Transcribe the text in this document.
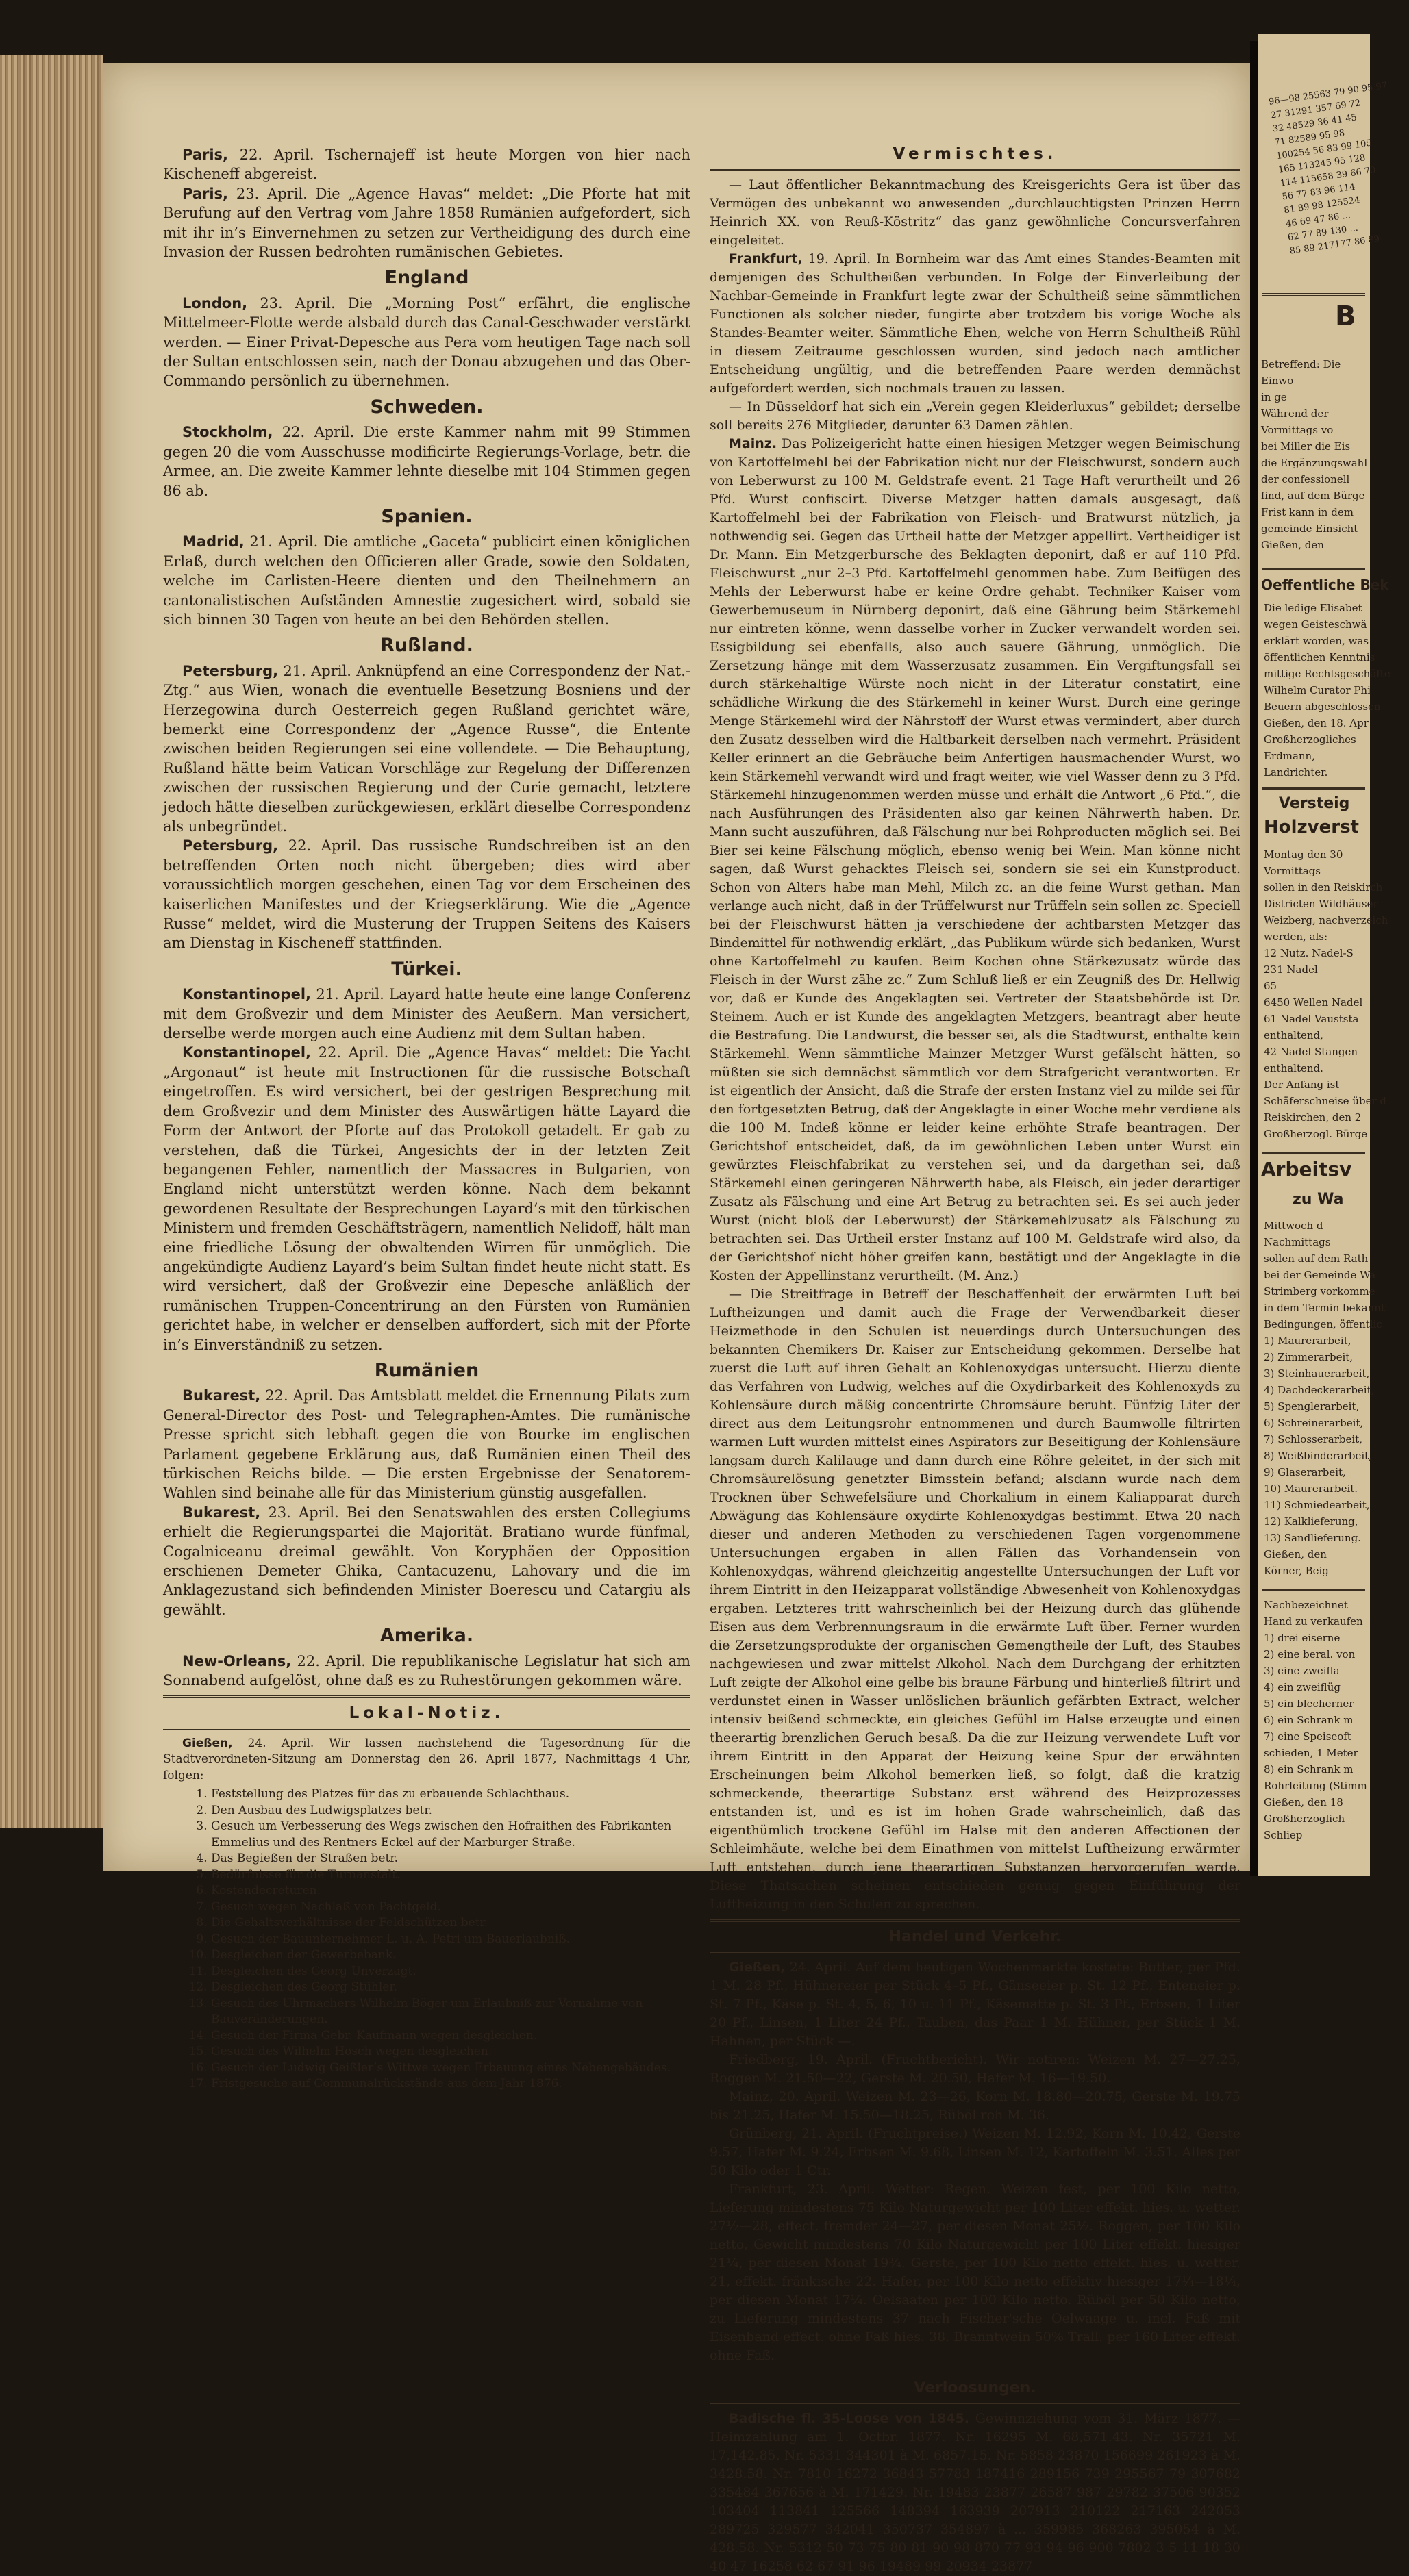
Paris, 22. April. Tschernajeff ist heute Morgen von hier nach Kischeneff abgereist.

Paris, 23. April. Die „Agence Havas“ meldet: „Die Pforte hat mit Berufung auf den Vertrag vom Jahre 1858 Rumänien aufgefordert, sich mit ihr in’s Einvernehmen zu setzen zur Vertheidigung des durch eine Invasion der Russen bedrohten rumänischen Gebietes.

England

London, 23. April. Die „Morning Post“ erfährt, die englische Mittelmeer-Flotte werde alsbald durch das Canal-Geschwader verstärkt werden. — Einer Privat-Depesche aus Pera vom heutigen Tage nach soll der Sultan entschlossen sein, nach der Donau abzugehen und das Ober-Commando persönlich zu übernehmen.

Schweden.

Stockholm, 22. April. Die erste Kammer nahm mit 99 Stimmen gegen 20 die vom Ausschusse modificirte Regierungs-Vorlage, betr. die Armee, an. Die zweite Kammer lehnte dieselbe mit 104 Stimmen gegen 86 ab.

Spanien.

Madrid, 21. April. Die amtliche „Gaceta“ publicirt einen königlichen Erlaß, durch welchen den Officieren aller Grade, sowie den Soldaten, welche im Carlisten-Heere dienten und den Theilnehmern an cantonalistischen Aufständen Amnestie zugesichert wird, sobald sie sich binnen 30 Tagen von heute an bei den Behörden stellen.

Rußland.

Petersburg, 21. April. Anknüpfend an eine Correspondenz der Nat.-Ztg.“ aus Wien, wonach die eventuelle Besetzung Bosniens und der Herzegowina durch Oesterreich gegen Rußland gerichtet wäre, bemerkt eine Correspondenz der „Agence Russe“, die Entente zwischen beiden Regierungen sei eine vollendete. — Die Behauptung, Rußland hätte beim Vatican Vorschläge zur Regelung der Differenzen zwischen der russischen Regierung und der Curie gemacht, letztere jedoch hätte dieselben zurückgewiesen, erklärt dieselbe Correspondenz als unbegründet.

Petersburg, 22. April. Das russische Rundschreiben ist an den betreffenden Orten noch nicht übergeben; dies wird aber voraussichtlich morgen geschehen, einen Tag vor dem Erscheinen des kaiserlichen Manifestes und der Kriegserklärung. Wie die „Agence Russe“ meldet, wird die Musterung der Truppen Seitens des Kaisers am Dienstag in Kischeneff stattfinden.

Türkei.

Konstantinopel, 21. April. Layard hatte heute eine lange Conferenz mit dem Großvezir und dem Minister des Aeußern. Man versichert, derselbe werde morgen auch eine Audienz mit dem Sultan haben.

Konstantinopel, 22. April. Die „Agence Havas“ meldet: Die Yacht „Argonaut“ ist heute mit Instructionen für die russische Botschaft eingetroffen. Es wird versichert, bei der gestrigen Besprechung mit dem Großvezir und dem Minister des Auswärtigen hätte Layard die Form der Antwort der Pforte auf das Protokoll getadelt. Er gab zu verstehen, daß die Türkei, Angesichts der in der letzten Zeit begangenen Fehler, namentlich der Massacres in Bulgarien, von England nicht unterstützt werden könne. Nach dem bekannt gewordenen Resultate der Besprechungen Layard’s mit den türkischen Ministern und fremden Geschäftsträgern, namentlich Nelidoff, hält man eine friedliche Lösung der obwaltenden Wirren für unmöglich. Die angekündigte Audienz Layard’s beim Sultan findet heute nicht statt. Es wird versichert, daß der Großvezir eine Depesche anläßlich der rumänischen Truppen-Concentrirung an den Fürsten von Rumänien gerichtet habe, in welcher er denselben auffordert, sich mit der Pforte in’s Einverständniß zu setzen.

Rumänien

Bukarest, 22. April. Das Amtsblatt meldet die Ernennung Pilats zum General-Director des Post- und Telegraphen-Amtes. Die rumänische Presse spricht sich lebhaft gegen die von Bourke im englischen Parlament gegebene Erklärung aus, daß Rumänien einen Theil des türkischen Reichs bilde. — Die ersten Ergebnisse der Senatorem-Wahlen sind beinahe alle für das Ministerium günstig ausgefallen.

Bukarest, 23. April. Bei den Senatswahlen des ersten Collegiums erhielt die Regierungspartei die Majorität. Bratiano wurde fünfmal, Cogalniceanu dreimal gewählt. Von Koryphäen der Opposition erschienen Demeter Ghika, Cantacuzenu, Lahovary und die im Anklagezustand sich befindenden Minister Boerescu und Catargiu als gewählt.

Amerika.

New-Orleans, 22. April. Die republikanische Legislatur hat sich am Sonnabend aufgelöst, ohne daß es zu Ruhestörungen gekommen wäre.

Lokal-Notiz.

Gießen, 24. April. Wir lassen nachstehend die Tagesordnung für die Stadtverordneten-Sitzung am Donnerstag den 26. April 1877, Nachmittags 4 Uhr, folgen:

1. Feststellung des Platzes für das zu erbauende Schlachthaus.
2. Den Ausbau des Ludwigsplatzes betr.
3. Gesuch um Verbesserung des Wegs zwischen den Hofraithen des Fabrikanten Emmelius und des Rentners Eckel auf der Marburger Straße.
4. Das Begießen der Straßen betr.
5. Bedürfnisse für die Turnanstalt.
6. Kostendecreturen.
7. Gesuch wegen Nachlaß von Pachtgeld.
8. Die Gehaltsverhältnisse der Feldschützen betr.
9. Gesuch der Bauunternehmer L. u. A. Petri um Bauerlaubniß.
10. Desgleichen der Gewerbebank.
11. Desgleichen des Georg Unverzagt.
12. Desgleichen des Georg Stühler.
13. Gesuch des Uhrmachers Wilhelm Böger um Erlaubniß zur Vornahme von Bauveränderungen.
14. Gesuch der Firma Gebr. Kaufmann wegen desgleichen.
15. Gesuch des Wilhelm Hosch wegen desgleichen.
16. Gesuch der Ludwig Geißler’s Wittwe wegen Erbauung eines Nebengebäudes.
17. Fristgesuche auf Communalrückstände aus dem Jahr 1876.
Vermischtes.

— Laut öffentlicher Bekanntmachung des Kreisgerichts Gera ist über das Vermögen des unbekannt wo anwesenden „durchlauchtigsten Prinzen Herrn Heinrich XX. von Reuß-Köstritz“ das ganz gewöhnliche Concursverfahren eingeleitet.

Frankfurt, 19. April. In Bornheim war das Amt eines Standes-Beamten mit demjenigen des Schultheißen verbunden. In Folge der Einverleibung der Nachbar-Gemeinde in Frankfurt legte zwar der Schultheiß seine sämmtlichen Functionen als solcher nieder, fungirte aber trotzdem bis vorige Woche als Standes-Beamter weiter. Sämmtliche Ehen, welche von Herrn Schultheiß Rühl in diesem Zeitraume geschlossen wurden, sind jedoch nach amtlicher Entscheidung ungültig, und die betreffenden Paare werden demnächst aufgefordert werden, sich nochmals trauen zu lassen.

— In Düsseldorf hat sich ein „Verein gegen Kleiderluxus“ gebildet; derselbe soll bereits 276 Mitglieder, darunter 63 Damen zählen.

Mainz. Das Polizeigericht hatte einen hiesigen Metzger wegen Beimischung von Kartoffelmehl bei der Fabrikation nicht nur der Fleischwurst, sondern auch von Leberwurst zu 100 M. Geldstrafe event. 21 Tage Haft verurtheilt und 26 Pfd. Wurst confiscirt. Diverse Metzger hatten damals ausgesagt, daß Kartoffelmehl bei der Fabrikation von Fleisch- und Bratwurst nützlich, ja nothwendig sei. Gegen das Urtheil hatte der Metzger appellirt. Vertheidiger ist Dr. Mann. Ein Metzgerbursche des Beklagten deponirt, daß er auf 110 Pfd. Fleischwurst „nur 2–3 Pfd. Kartoffelmehl genommen habe. Zum Beifügen des Mehls der Leberwurst habe er keine Ordre gehabt. Techniker Kaiser vom Gewerbemuseum in Nürnberg deponirt, daß eine Gährung beim Stärkemehl nur eintreten könne, wenn dasselbe vorher in Zucker verwandelt worden sei. Essigbildung sei ebenfalls, also auch sauere Gährung, unmöglich. Die Zersetzung hänge mit dem Wasserzusatz zusammen. Ein Vergiftungsfall sei durch stärkehaltige Würste noch nicht in der Literatur constatirt, eine schädliche Wirkung die des Stärkemehl in keiner Wurst. Durch eine geringe Menge Stärkemehl wird der Nährstoff der Wurst etwas vermindert, aber durch den Zusatz desselben wird die Haltbarkeit derselben nach vermehrt. Präsident Keller erinnert an die Gebräuche beim Anfertigen hausmachender Wurst, wo kein Stärkemehl verwandt wird und fragt weiter, wie viel Wasser denn zu 3 Pfd. Stärkemehl hinzugenommen werden müsse und erhält die Antwort „6 Pfd.“, die nach Ausführungen des Präsidenten also gar keinen Nährwerth haben. Dr. Mann sucht auszuführen, daß Fälschung nur bei Rohproducten möglich sei. Bei Bier sei keine Fälschung möglich, ebenso wenig bei Wein. Man könne nicht sagen, daß Wurst gehacktes Fleisch sei, sondern sie sei ein Kunstproduct. Schon von Alters habe man Mehl, Milch zc. an die feine Wurst gethan. Man verlange auch nicht, daß in der Trüffelwurst nur Trüffeln sein sollen zc. Speciell bei der Fleischwurst hätten ja verschiedene der achtbarsten Metzger das Bindemittel für nothwendig erklärt, „das Publikum würde sich bedanken, Wurst ohne Kartoffelmehl zu kaufen. Beim Kochen ohne Stärkezusatz würde das Fleisch in der Wurst zähe zc.“ Zum Schluß ließ er ein Zeugniß des Dr. Hellwig vor, daß er Kunde des Angeklagten sei. Vertreter der Staatsbehörde ist Dr. Steinem. Auch er ist Kunde des angeklagten Metzgers, beantragt aber heute die Bestrafung. Die Landwurst, die besser sei, als die Stadtwurst, enthalte kein Stärkemehl. Wenn sämmtliche Mainzer Metzger Wurst gefälscht hätten, so müßten sie sich demnächst sämmtlich vor dem Strafgericht verantworten. Er ist eigentlich der Ansicht, daß die Strafe der ersten Instanz viel zu milde sei für den fortgesetzten Betrug, daß der Angeklagte in einer Woche mehr verdiene als die 100 M. Indeß könne er leider keine erhöhte Strafe beantragen. Der Gerichtshof entscheidet, daß, da im gewöhnlichen Leben unter Wurst ein gewürztes Fleischfabrikat zu verstehen sei, und da dargethan sei, daß Stärkemehl einen geringeren Nährwerth habe, als Fleisch, ein jeder derartiger Zusatz als Fälschung und eine Art Betrug zu betrachten sei. Es sei auch jeder Wurst (nicht bloß der Leberwurst) der Stärkemehlzusatz als Fälschung zu betrachten sei. Das Urtheil erster Instanz auf 100 M. Geldstrafe wird also, da der Gerichtshof nicht höher greifen kann, bestätigt und der Angeklagte in die Kosten der Appellinstanz verurtheilt. (M. Anz.)

— Die Streitfrage in Betreff der Beschaffenheit der erwärmten Luft bei Luftheizungen und damit auch die Frage der Verwendbarkeit dieser Heizmethode in den Schulen ist neuerdings durch Untersuchungen des bekannten Chemikers Dr. Kaiser zur Entscheidung gekommen. Derselbe hat zuerst die Luft auf ihren Gehalt an Kohlenoxydgas untersucht. Hierzu diente das Verfahren von Ludwig, welches auf die Oxydirbarkeit des Kohlenoxyds zu Kohlensäure durch mäßig concentrirte Chromsäure beruht. Fünfzig Liter der direct aus dem Leitungsrohr entnommenen und durch Baumwolle filtrirten warmen Luft wurden mittelst eines Aspirators zur Beseitigung der Kohlensäure langsam durch Kalilauge und dann durch eine Röhre geleitet, in der sich mit Chromsäurelösung genetzter Bimsstein befand; alsdann wurde nach dem Trocknen über Schwefelsäure und Chorkalium in einem Kaliapparat durch Abwägung das Kohlensäure oxydirte Kohlenoxydgas bestimmt. Etwa 20 nach dieser und anderen Methoden zu verschiedenen Tagen vorgenommene Untersuchungen ergaben in allen Fällen das Vorhandensein von Kohlenoxydgas, während gleichzeitig angestellte Untersuchungen der Luft vor ihrem Eintritt in den Heizapparat vollständige Abwesenheit von Kohlenoxydgas ergaben. Letzteres tritt wahrscheinlich bei der Heizung durch das glühende Eisen aus dem Verbrennungsraum in die erwärmte Luft über. Ferner wurden die Zersetzungsprodukte der organischen Gemengtheile der Luft, des Staubes nachgewiesen und zwar mittelst Alkohol. Nach dem Durchgang der erhitzten Luft zeigte der Alkohol eine gelbe bis braune Färbung und hinterließ filtrirt und verdunstet einen in Wasser unlöslichen bräunlich gefärbten Extract, welcher intensiv beißend schmeckte, ein gleiches Gefühl im Halse erzeugte und einen theerartig brenzlichen Geruch besaß. Da die zur Heizung verwendete Luft vor ihrem Eintritt in den Apparat der Heizung keine Spur der erwähnten Erscheinungen beim Alkohol bemerken ließ, so folgt, daß die kratzig schmeckende, theerartige Substanz erst während des Heizprozesses entstanden ist, und es ist im hohen Grade wahrscheinlich, daß das eigenthümlich trockene Gefühl im Halse mit den anderen Affectionen der Schleimhäute, welche bei dem Einathmen von mittelst Luftheizung erwärmter Luft entstehen, durch jene theerartigen Substanzen hervorgerufen werde. Diese Thatsachen scheinen entschieden genug gegen Einführung der Luftheizung in den Schulen zu sprechen.

Handel und Verkehr.

Gießen, 24. April. Auf dem heutigen Wochenmarkte kostete: Butter, per Pfd. 1 M. 28 Pf., Hühnereier per Stück 4–5 Pf., Gänseeier p. St. 12 Pf., Enteneier p. St. 7 Pf., Käse p. St. 4, 5, 6, 10 u. 11 Pf., Käsematte p. St. 3 Pf., Erbsen, 1 Liter 20 Pf., Linsen, 1 Liter 24 Pf., Tauben, das Paar 1 M. Hühner, per Stück 1 M. Hahnen, per Stück —.

Friedberg, 19. April. (Fruchtbericht). Wir notiren: Weizen M. 27—27.25, Roggen M. 21.50—22, Gerste M. 20.50, Hafer M. 16—19.50.

Mainz, 20. April. Weizen M. 23—26, Korn M. 18.80—20.75, Gerste M. 19.75 bis 21.25, Hafer M. 15.50—18.25, Rüböl roh M. 36.

Grünberg, 21. April. (Fruchtpreise.) Weizen M. 12.92, Korn M. 10.42, Gerste 9.57, Hafer M. 9.24, Erbsen M. 9.68, Linsen M. 12, Kartoffeln M. 3.51. Alles per 50 Kilo oder 1 Ctr.

Frankfurt, 23. April. Wetter: Regen. Weizen fest, per 100 Kilo netto, Lieferung mindestens 75 Kilo Naturgewicht per 100 Liter effekt. hies. u. wetter. 27½—28, effect. fremder 24—27, per diesen Monat 25½. Roggen, per 100 Kilo netto, Gewicht mindestens 70 Kilo Naturgewicht per 100 Liter effekt. hiesiger 21¼, per diesen Monat 19¾. Gerste, per 100 Kilo netto effekt. hies. u. wetter. 21, effekt. fränkische 22. Hafer, per 100 Kilo netto effektiv hiesiger 17¼—18¼, per diesen Monat 17¼. Oelsaaten per 100 Kilo netto. Rüböl per 50 Kilo netto, zu Lieferung mindestens 37 nach Fischer'sche Oelwaage u. incl. Faß mit Eisenband effect. ohne Faß hies. 38. Branntwein 50% Trall. per 160 Liter effekt. ohne Faß.

Verloosungen.

Badische fl. 35-Loose von 1845. Gewinnziehung vom 31. März 1877. — Heimzahlung am 1. Octbr. 1877. Nr. 16295 M. 68,571.43. Nr. 35721 M. 17,142.85. Nr. 5331 344301 à M. 6857.15. Nr. 5858 23870 156699 261923 à M. 3428.58. Nr. 7810 16272 36843 57783 187416 289156 739 295567 79 307682 335484 367656 à M. 171429. Nr. 19483 23877 26587 987 29782 37506 90352 103404 113841 125566 148394 163939 207913 210122 217163 242053 289725 329577 342041 350737 354897 à ... 359985 368263 395054 à M. 428.58. Nr. 5312 50 73 75 80 81 90 98 870 77 93 94 96 900 7802 3 5 11 18 30 40 47 16258 62 67 91 96 19489 99 20934 23877

96—98 25563 79 90 95 97
27 31291 357 69 72
32 48529 36 41 45
71 82589 95 98
100254 56 83 99 105
165 113245 95 128
114 115658 39 66 70
56 77 83 96 114
81 89 98 125524
46 69 47 86 ...
62 77 89 130 ...
85 89 217177 86 89
B
Betreffend: Die
Einwo
in ge
Während der
Vormittags vo
bei Miller die Eis
die Ergänzungswahl
der confessionell
find, auf dem Bürge
Frist kann in dem
gemeinde Einsicht
Gießen, den
Oeffentliche Bek
Die ledige Elisabet
wegen Geisteschwä
erklärt worden, was
öffentlichen Kenntnis
mittige Rechtsgeschäfte
Wilhelm Curator Phi
Beuern abgeschlossen
Gießen, den 18. Apr
Großherzogliches
Erdmann,
Landrichter.
Versteig
Holzverst
Montag den 30
Vormittags
sollen in den Reiskirch
Districten Wildhäuser
Weizberg, nachverzeich
werden, als:
12 Nutz. Nadel-S
231 Nadel
65
6450 Wellen Nadel
61 Nadel Vauststa
enthaltend,
42 Nadel Stangen
enthaltend.
Der Anfang ist
Schäferschneise über d
Reiskirchen, den 2
Großherzogl. Bürge
Arbeitsv
zu Wa
Mittwoch d
Nachmittags
sollen auf dem Rath
bei der Gemeinde Wa
Strimberg vorkomme
in dem Termin bekannt
Bedingungen, öffentlic
1) Maurerarbeit,
2) Zimmerarbeit,
3) Steinhauerarbeit,
4) Dachdeckerarbeit,
5) Spenglerarbeit,
6) Schreinerarbeit,
7) Schlosserarbeit,
8) Weißbinderarbeit,
9) Glaserarbeit,
10) Maurerarbeit.
11) Schmiedearbeit,
12) Kalklieferung,
13) Sandlieferung.
Gießen, den
Körner, Beig
Nachbezeichnet
Hand zu verkaufen
1) drei eiserne
2) eine beral. von
3) eine zweifla
4) ein zweiflüg
5) ein blecherner
6) ein Schrank m
7) eine Speiseoft
schieden, 1 Meter
8) ein Schrank m
Rohrleitung (Stimm
Gießen, den 18
Großherzoglich
Schliep
